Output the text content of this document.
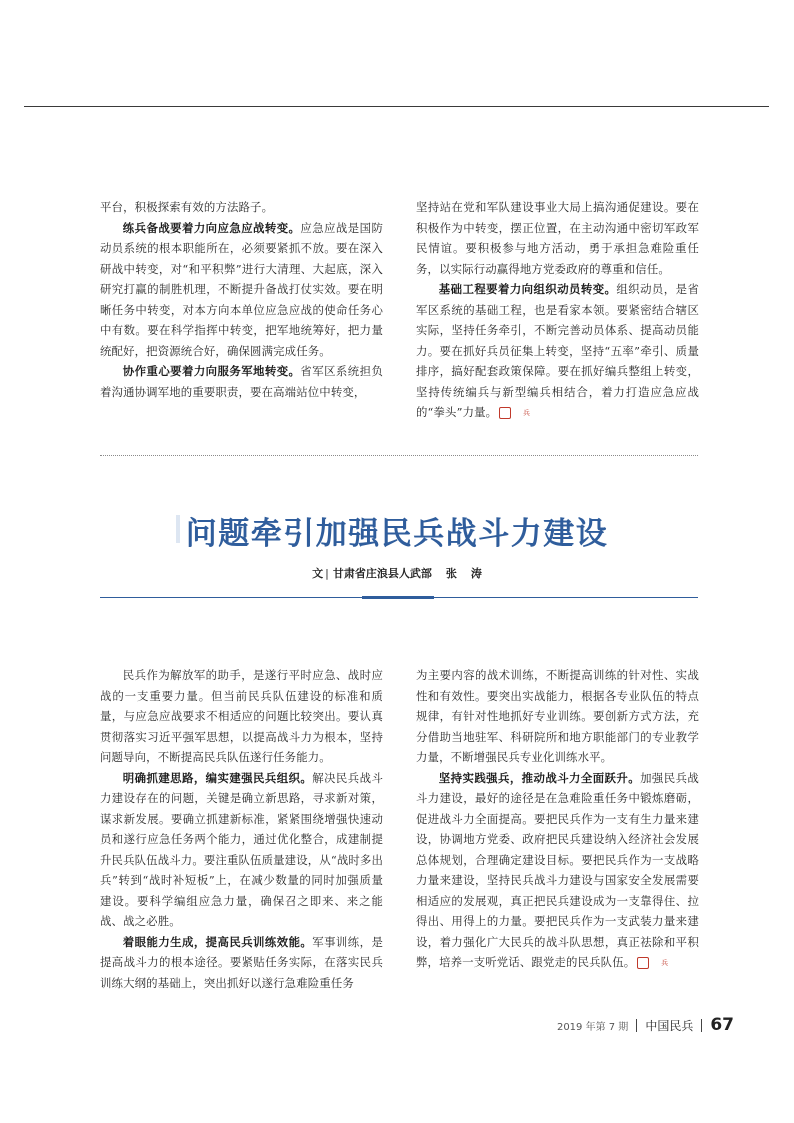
平台，积极探索有效的方法路子。

练兵备战要着力向应急应战转变。应急应战是国防动员系统的根本职能所在，必须要紧抓不放。要在深入研战中转变，对“和平积弊”进行大清理、大起底，深入研究打赢的制胜机理，不断提升备战打仗实效。要在明晰任务中转变，对本方向本单位应急应战的使命任务心中有数。要在科学指挥中转变，把军地统筹好，把力量统配好，把资源统合好，确保圆满完成任务。

协作重心要着力向服务军地转变。省军区系统担负着沟通协调军地的重要职责，要在高端站位中转变，

坚持站在党和军队建设事业大局上搞沟通促建设。要在积极作为中转变，摆正位置，在主动沟通中密切军政军民情谊。要积极参与地方活动，勇于承担急难险重任务，以实际行动赢得地方党委政府的尊重和信任。

基础工程要着力向组织动员转变。组织动员，是省军区系统的基础工程，也是看家本领。要紧密结合辖区实际，坚持任务牵引，不断完善动员体系、提高动员能力。要在抓好兵员征集上转变，坚持“五率”牵引、质量排序，搞好配套政策保障。要在抓好编兵整组上转变，坚持传统编兵与新型编兵相结合，着力打造应急应战的“拳头”力量。	兵

问题牵引加强民兵战斗力建设
文 | 甘肃省庄浪县人武部 张 涛

民兵作为解放军的助手，是遂行平时应急、战时应战的一支重要力量。但当前民兵队伍建设的标准和质量，与应急应战要求不相适应的问题比较突出。要认真贯彻落实习近平强军思想，以提高战斗力为根本，坚持问题导向，不断提高民兵队伍遂行任务能力。

明确抓建思路，编实建强民兵组织。解决民兵战斗力建设存在的问题，关键是确立新思路，寻求新对策，谋求新发展。要确立抓建新标准，紧紧围绕增强快速动员和遂行应急任务两个能力，通过优化整合，成建制提升民兵队伍战斗力。要注重队伍质量建设，从“战时多出兵”转到“战时补短板”上，在减少数量的同时加强质量建设。要科学编组应急力量，确保召之即来、来之能战、战之必胜。

着眼能力生成，提高民兵训练效能。军事训练，是提高战斗力的根本途径。要紧贴任务实际，在落实民兵训练大纲的基础上，突出抓好以遂行急难险重任务

为主要内容的战术训练，不断提高训练的针对性、实战性和有效性。要突出实战能力，根据各专业队伍的特点规律，有针对性地抓好专业训练。要创新方式方法，充分借助当地驻军、科研院所和地方职能部门的专业教学力量，不断增强民兵专业化训练水平。

坚持实践强兵，推动战斗力全面跃升。加强民兵战斗力建设，最好的途径是在急难险重任务中锻炼磨砺，促进战斗力全面提高。要把民兵作为一支有生力量来建设，协调地方党委、政府把民兵建设纳入经济社会发展总体规划，合理确定建设目标。要把民兵作为一支战略力量来建设，坚持民兵战斗力建设与国家安全发展需要相适应的发展观，真正把民兵建设成为一支靠得住、拉得出、用得上的力量。要把民兵作为一支武装力量来建设，着力强化广大民兵的战斗队思想，真正祛除和平积弊，培养一支听党话、跟党走的民兵队伍。	兵

2019 年第 7 期 中国民兵 67
